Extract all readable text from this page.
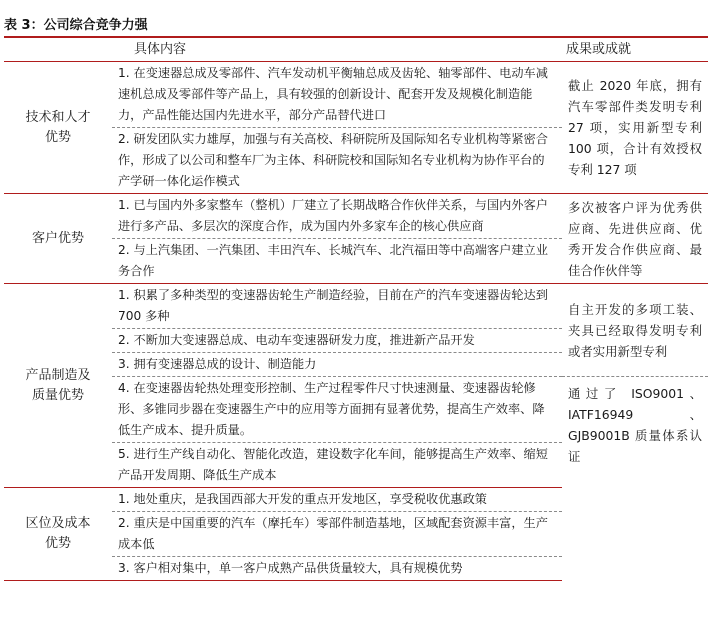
表 3：公司综合竞争力强
	具体内容	成果或成就

技术和人才
优势	1. 在变速器总成及零部件、汽车发动机平衡轴总成及齿轮、轴零部件、电动车减速机总成及零部件等产品上，具有较强的创新设计、配套开发及规模化制造能力，产品性能达国内先进水平，部分产品替代进口	截止 2020 年底，拥有汽车零部件类发明专利 27 项，实用新型专利 100 项，合计有效授权专利 127 项
	2. 研发团队实力雄厚，加强与有关高校、科研院所及国际知名专业机构等紧密合作，形成了以公司和整车厂为主体、科研院校和国际知名专业机构为协作平台的产学研一体化运作模式	

客户优势	1. 已与国内外多家整车（整机）厂建立了长期战略合作伙伴关系，与国内外客户进行多产品、多层次的深度合作，成为国内外多家车企的核心供应商	多次被客户评为优秀供应商、先进供应商、优秀开发合作供应商、最佳合作伙伴等
	2. 与上汽集团、一汽集团、丰田汽车、长城汽车、北汽福田等中高端客户建立业务合作	

产品制造及
质量优势	1. 积累了多种类型的变速器齿轮生产制造经验，目前在产的汽车变速器齿轮达到 700 多种	自主开发的多项工装、夹具已经取得发明专利或者实用新型专利
	2. 不断加大变速器总成、电动车变速器研发力度，推进新产品开发	
	3. 拥有变速器总成的设计、制造能力	
	4. 在变速器齿轮热处理变形控制、生产过程零件尺寸快速测量、变速器齿轮修形、多锥同步器在变速器生产中的应用等方面拥有显著优势，提高生产效率、降低生产成本、提升质量。	通过了 ISO9001、IATF16949 、GJB9001B 质量体系认证
	5. 进行生产线自动化、智能化改造，建设数字化车间，能够提高生产效率、缩短产品开发周期、降低生产成本	

区位及成本
优势	1. 地处重庆，是我国西部大开发的重点开发地区，享受税收优惠政策	
	2. 重庆是中国重要的汽车（摩托车）零部件制造基地，区域配套资源丰富，生产成本低	
	3. 客户相对集中，单一客户成熟产品供货量较大，具有规模优势	
